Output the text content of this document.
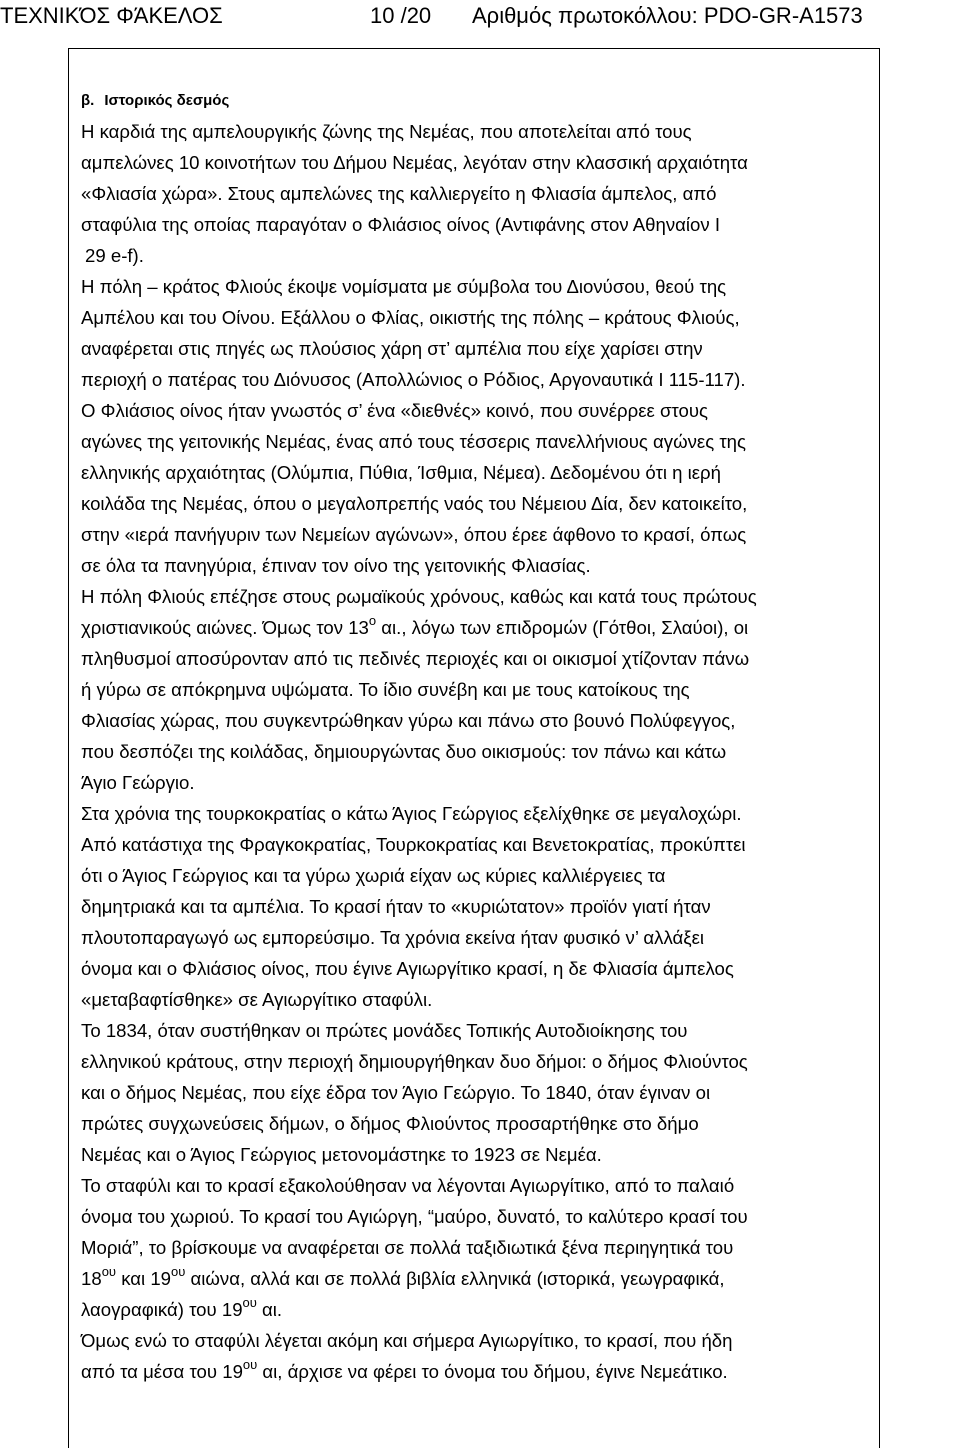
ΤΕΧΝΙΚΌΣ ΦΆΚΕΛΟΣ	10 /20 Αριθμός πρωτοκόλλου: PDO-GR-A1573
β. Ιστορικός δεσμός
Η καρδιά της αμπελουργικής ζώνης της Νεμέας, που αποτελείται από τους
αμπελώνες 10 κοινοτήτων του Δήμου Νεμέας, λεγόταν στην κλασσική αρχαιότητα
«Φλιασία χώρα». Στους αμπελώνες της καλλιεργείτο η Φλιασία άμπελος, από
σταφύλια της οποίας παραγόταν ο Φλιάσιος οίνος (Αντιφάνης στον Αθηναίον Ι
29 e-f).
Η πόλη – κράτος Φλιούς έκοψε νομίσματα με σύμβολα του Διονύσου, θεού της
Αμπέλου και του Οίνου. Εξάλλου ο Φλίας, οικιστής της πόλης – κράτους Φλιούς,
αναφέρεται στις πηγές ως πλούσιος χάρη στ’ αμπέλια που είχε χαρίσει στην
περιοχή ο πατέρας του Διόνυσος (Απολλώνιος ο Ρόδιος, Αργοναυτικά Ι 115-117).
Ο Φλιάσιος οίνος ήταν γνωστός σ’ ένα «διεθνές» κοινό, που συνέρρεε στους
αγώνες της γειτονικής Νεμέας, ένας από τους τέσσερις πανελλήνιους αγώνες της
ελληνικής αρχαιότητας (Ολύμπια, Πύθια, Ίσθμια, Νέμεα). Δεδομένου ότι η ιερή
κοιλάδα της Νεμέας, όπου ο μεγαλοπρεπής ναός του Νέμειου Δία, δεν κατοικείτο,
στην «ιερά πανήγυριν των Νεμείων αγώνων», όπου έρεε άφθονο το κρασί, όπως
σε όλα τα πανηγύρια, έπιναν τον οίνο της γειτονικής Φλιασίας.
Η πόλη Φλιούς επέζησε στους ρωμαϊκούς χρόνους, καθώς και κατά τους πρώτους
χριστιανικούς αιώνες. Όμως τον $13^o$ αι., λόγω των επιδρομών (Γότθοι, Σλαύοι), οι
πληθυσμοί αποσύρονταν από τις πεδινές περιοχές και οι οικισμοί χτίζονταν πάνω
ή γύρω σε απόκρημνα υψώματα. Το ίδιο συνέβη και με τους κατοίκους της
Φλιασίας χώρας, που συγκεντρώθηκαν γύρω και πάνω στο βουνό Πολύφεγγος,
που δεσπόζει της κοιλάδας, δημιουργώντας δυο οικισμούς: τον πάνω και κάτω
Άγιο Γεώργιο.
Στα χρόνια της τουρκοκρατίας ο κάτω Άγιος Γεώργιος εξελίχθηκε σε μεγαλοχώρι.
Από κατάστιχα της Φραγκοκρατίας, Τουρκοκρατίας και Βενετοκρατίας, προκύπτει
ότι ο Άγιος Γεώργιος και τα γύρω χωριά είχαν ως κύριες καλλιέργειες τα
δημητριακά και τα αμπέλια. Το κρασί ήταν το «κυριώτατον» προϊόν γιατί ήταν
πλουτοπαραγωγό ως εμπορεύσιμο. Τα χρόνια εκείνα ήταν φυσικό ν’ αλλάξει
όνομα και ο Φλιάσιος οίνος, που έγινε Αγιωργίτικο κρασί, η δε Φλιασία άμπελος
«μεταβαφτίσθηκε» σε Αγιωργίτικο σταφύλι.
Το 1834, όταν συστήθηκαν οι πρώτες μονάδες Τοπικής Αυτοδιοίκησης του
ελληνικού κράτους, στην περιοχή δημιουργήθηκαν δυο δήμοι: ο δήμος Φλιούντος
και ο δήμος Νεμέας, που είχε έδρα τον Άγιο Γεώργιο. Το 1840, όταν έγιναν οι
πρώτες συγχωνεύσεις δήμων, ο δήμος Φλιούντος προσαρτήθηκε στο δήμο
Νεμέας και ο Άγιος Γεώργιος μετονομάστηκε το 1923 σε Νεμέα.
Το σταφύλι και το κρασί εξακολούθησαν να λέγονται Αγιωργίτικο, από το παλαιό
όνομα του χωριού. Το κρασί του Αγιώργη, “μαύρο, δυνατό, το καλύτερο κρασί του
Μοριά”, το βρίσκουμε να αναφέρεται σε πολλά ταξιδιωτικά ξένα περιηγητικά του
$18^{o\upsilon}$ και $19^{o\upsilon}$ αιώνα, αλλά και σε πολλά βιβλία ελληνικά (ιστορικά, γεωγραφικά,
λαογραφικά) του $19^{o\upsilon}$ αι.
Όμως ενώ το σταφύλι λέγεται ακόμη και σήμερα Αγιωργίτικο, το κρασί, που ήδη
από τα μέσα του $19^{o\upsilon}$ αι, άρχισε να φέρει το όνομα του δήμου, έγινε Νεμεάτικο.
